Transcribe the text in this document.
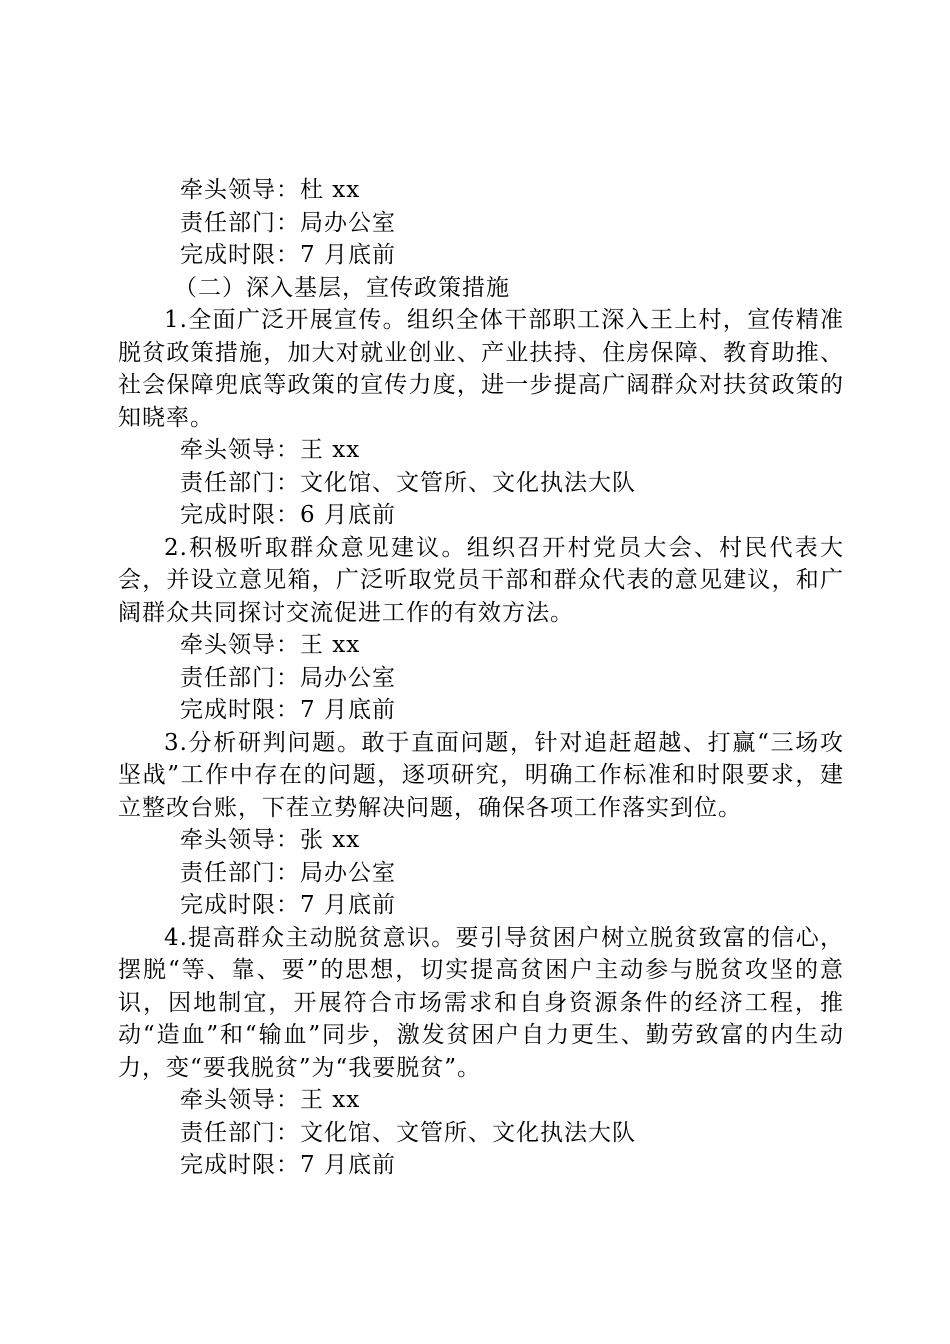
牵头领导：杜 xx
责任部门：局办公室
完成时限：7 月底前
（二）深入基层，宣传政策措施
1.全面广泛开展宣传。组织全体干部职工深入王上村，宣传精准脱贫政策措施，加大对就业创业、产业扶持、住房保障、教育助推、社会保障兜底等政策的宣传力度，进一步提高广阔群众对扶贫政策的知晓率。
牵头领导：王 xx
责任部门：文化馆、文管所、文化执法大队
完成时限：6 月底前
2.积极听取群众意见建议。组织召开村党员大会、村民代表大会，并设立意见箱，广泛听取党员干部和群众代表的意见建议，和广阔群众共同探讨交流促进工作的有效方法。
牵头领导：王 xx
责任部门：局办公室
完成时限：7 月底前
3.分析研判问题。敢于直面问题，针对追赶超越、打赢“三场攻坚战”工作中存在的问题，逐项研究，明确工作标准和时限要求，建立整改台账，下茬立势解决问题，确保各项工作落实到位。
牵头领导：张 xx
责任部门：局办公室
完成时限：7 月底前
4.提高群众主动脱贫意识。要引导贫困户树立脱贫致富的信心，摆脱“等、靠、要”的思想，切实提高贫困户主动参与脱贫攻坚的意识，因地制宜，开展符合市场需求和自身资源条件的经济工程，推动“造血”和“输血”同步，激发贫困户自力更生、勤劳致富的内生动力，变“要我脱贫”为“我要脱贫”。
牵头领导：王 xx
责任部门：文化馆、文管所、文化执法大队
完成时限：7 月底前
